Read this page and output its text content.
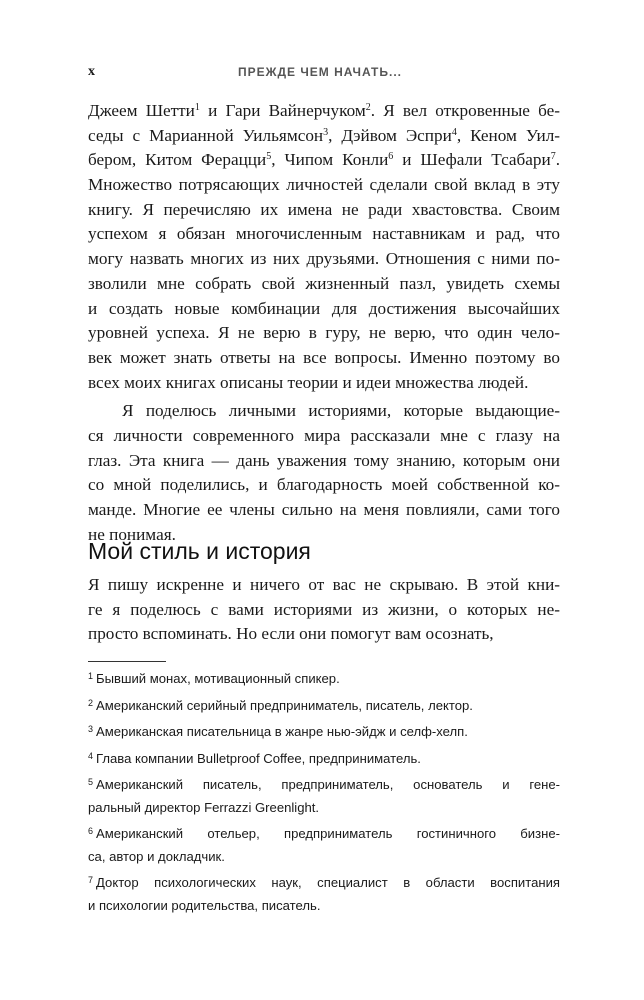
x	ПРЕЖДЕ ЧЕМ НАЧАТЬ...
Джеем Шетти$^1$ и Гари Вайнерчуком$^2$. Я вел откровенные бе-
седы с Марианной Уильямсон$^3$, Дэйвом Эспри$^4$, Кеном Уил-
бером, Китом Ферацци$^5$, Чипом Конли$^6$ и Шефали Тсабари$^7$.
Множество потрясающих личностей сделали свой вклад в эту
книгу. Я перечисляю их имена не ради хвастовства. Своим
успехом я обязан многочисленным наставникам и рад, что
могу назвать многих из них друзьями. Отношения с ними по-
зволили мне собрать свой жизненный пазл, увидеть схемы
и создать новые комбинации для достижения высочайших
уровней успеха. Я не верю в гуру, не верю, что один чело-
век может знать ответы на все вопросы. Именно поэтому во
всех моих книгах описаны теории и идеи множества людей.
Я поделюсь личными историями, которые выдающие-
ся личности современного мира рассказали мне с глазу на
глаз. Эта книга — дань уважения тому знанию, которым они
со мной поделились, и благодарность моей собственной ко-
манде. Многие ее члены сильно на меня повлияли, сами того
не понимая.
Мой стиль и история
Я пишу искренне и ничего от вас не скрываю. В этой кни-
ге я поделюсь с вами историями из жизни, о которых не-
просто вспоминать. Но если они помогут вам осознать,
$^1$ Бывший монах, мотивационный спикер.
$^2$ Американский серийный предприниматель, писатель, лектор.
$^3$ Американская писательница в жанре нью-эйдж и селф-хелп.
$^4$ Глава компании Bulletproof Coffee, предприниматель.
$^5$ Американский писатель, предприниматель, основатель и гене-
ральный директор Ferrazzi Greenlight.
$^6$ Американский отельер, предприниматель гостиничного бизне-
са, автор и докладчик.
$^7$ Доктор психологических наук, специалист в области воспитания
и психологии родительства, писатель.
